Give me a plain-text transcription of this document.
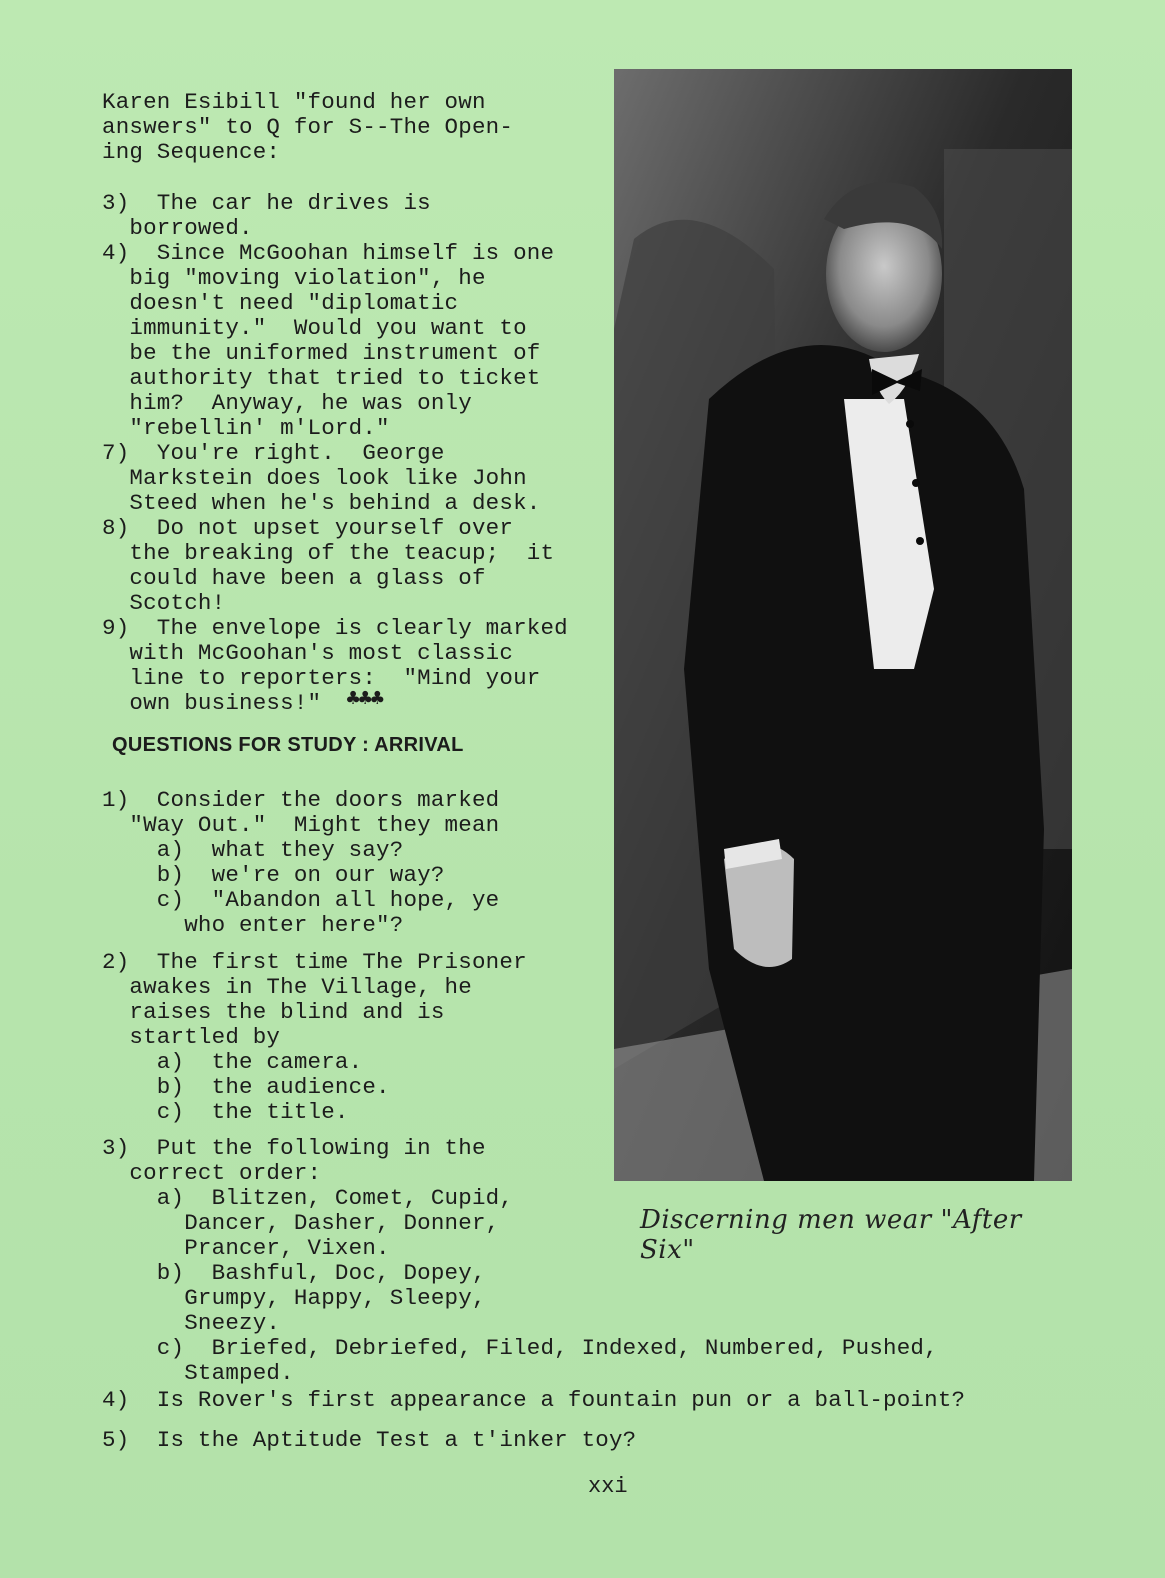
Karen Esibill "found her own
answers" to Q for S--The Open-
ing Sequence:
3)  The car he drives is
borrowed.
4)  Since McGoohan himself is one
big "moving violation", he
doesn't need "diplomatic
immunity."  Would you want to
be the uniformed instrument of
authority that tried to ticket
him?  Anyway, he was only
"rebellin' m'Lord."
7)  You're right.  George
Markstein does look like John
Steed when he's behind a desk.
8)  Do not upset yourself over
the breaking of the teacup;  it
could have been a glass of
Scotch!
9)  The envelope is clearly marked
with McGoohan's most classic
line to reporters:  "Mind your
own business!"	♣♣♣
QUESTIONS FOR STUDY : ARRIVAL
1)  Consider the doors marked
"Way Out."  Might they mean
a)  what they say?
b)  we're on our way?
c)  "Abandon all hope, ye
who enter here"?
2)  The first time The Prisoner
awakes in The Village, he
raises the blind and is
startled by
a)  the camera.
b)  the audience.
c)  the title.
3)  Put the following in the
correct order:
a)  Blitzen, Comet, Cupid,
Dancer, Dasher, Donner,
Prancer, Vixen.
b)  Bashful, Doc, Dopey,
Grumpy, Happy, Sleepy,
Sneezy.
c)  Briefed, Debriefed, Filed, Indexed, Numbered, Pushed,
Stamped.
4)  Is Rover's first appearance a fountain pun or a ball-point?
5)  Is the Aptitude Test a t'inker toy?
Discerning men wear "After Six"
xxi
